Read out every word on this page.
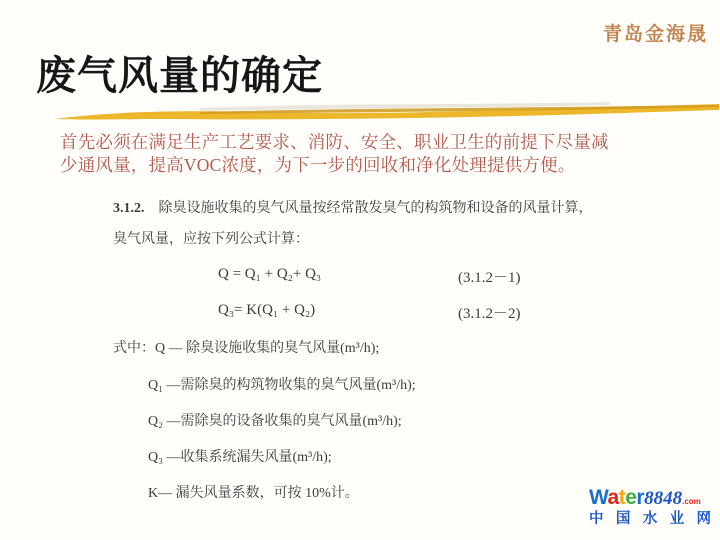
青岛金海晟
废气风量的确定
首先必须在满足生产工艺要求、消防、安全、职业卫生的前提下尽量减
少通风量，提高VOC浓度，为下一步的回收和净化处理提供方便。
3.1.2. 除臭设施收集的臭气风量按经常散发臭气的构筑物和设备的风量计算，
臭气风量，应按下列公式计算：
Q = Q₁ + Q₂+ Q₃	(3.1.2－1)
Q₃= K(Q₁ + Q₂)	(3.1.2－2)
式中：Q — 除臭设施收集的臭气风量(m³/h);
Q₁ —需除臭的构筑物收集的臭气风量(m³/h);
Q₂ —需除臭的设备收集的臭气风量(m³/h);
Q₃ —收集系统漏失风量(m³/h);
K— 漏失风量系数，可按 10%计。	Water8848.com
中 国 水 业 网
